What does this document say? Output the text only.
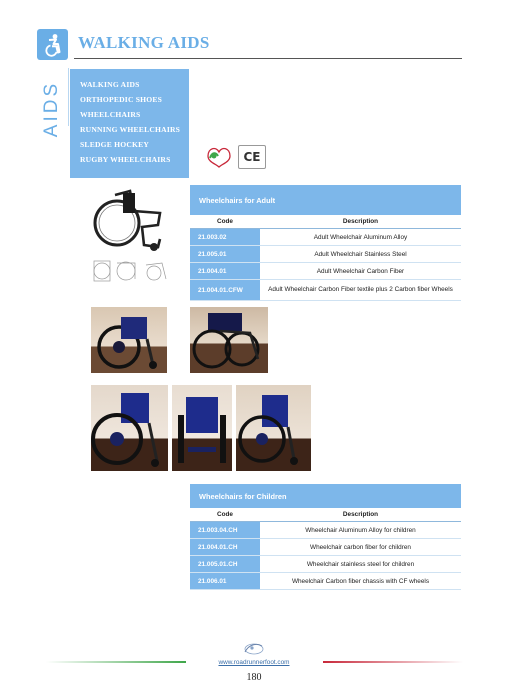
WALKING AIDS
AIDS WALKING AIDS
ORTHOPEDIC SHOES
WHEELCHAIRS
RUNNING WHEELCHAIRS
SLEDGE HOCKEY
RUGBY WHEELCHAIRS	CE
Wheelchairs for Adult
Code	Description
21.003.02	Adult Wheelchair Aluminum Alloy
21.005.01	Adult Wheelchair Stainless Steel
21.004.01	Adult Wheelchair Carbon Fiber
21.004.01.CFW	Adult Wheelchair Carbon Fiber textile plus 2 Carbon fiber Wheels
Wheelchairs for Children
Code	Description
21.003.04.CH	Wheelchair Aluminum Alloy for children
21.004.01.CH	Wheelchair carbon fiber for children
21.005.01.CH	Wheelchair stainless steel for children
21.006.01	Wheelchair Carbon fiber chassis with CF wheels
www.roadrunnerfoot.com
180
